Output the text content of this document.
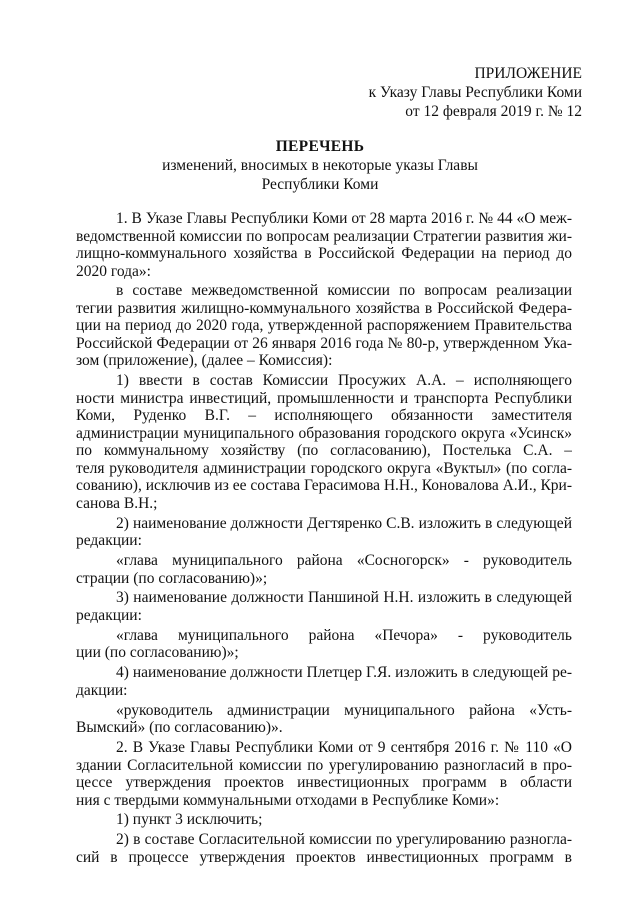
ПРИЛОЖЕНИЕ
к Указу Главы Республики Коми
от 12 февраля 2019 г. № 12
ПЕРЕЧЕНЬ
изменений, вносимых в некоторые указы Главы
Республики Коми
1. В Указе Главы Республики Коми от 28 марта 2016 г. № 44 «О меж-
ведомственной комиссии по вопросам реализации Стратегии развития жи-
лищно-коммунального хозяйства в Российской Федерации на период до
2020 года»:
в составе межведомственной комиссии по вопросам реализации
тегии развития жилищно-коммунального хозяйства в Российской Федера-
ции на период до 2020 года, утвержденной распоряжением Правительства
Российской Федерации от 26 января 2016 года № 80-р, утвержденном Ука-
зом (приложение), (далее – Комиссия):
1) ввести в состав Комиссии Просужих А.А. – исполняющего
ности министра инвестиций, промышленности и транспорта Республики
Коми, Руденко В.Г. – исполняющего обязанности заместителя
администрации муниципального образования городского округа «Усинск»
по коммунальному хозяйству (по согласованию), Постелька С.А. –
теля руководителя администрации городского округа «Вуктыл» (по согла-
сованию), исключив из ее состава Герасимова Н.Н., Коновалова А.И., Кри-
санова В.Н.;
2) наименование должности Дегтяренко С.В. изложить в следующей
редакции:
«глава муниципального района «Сосногорск» - руководитель
страции (по согласованию)»;
3) наименование должности Паншиной Н.Н. изложить в следующей
редакции:
«глава муниципального района «Печора» - руководитель
ции (по согласованию)»;
4) наименование должности Плетцер Г.Я. изложить в следующей ре-
дакции:
«руководитель администрации муниципального района «Усть-
Вымский» (по согласованию)».
2. В Указе Главы Республики Коми от 9 сентября 2016 г. № 110 «О
здании Согласительной комиссии по урегулированию разногласий в про-
цессе утверждения проектов инвестиционных программ в области
ния с твердыми коммунальными отходами в Республике Коми»:
1) пункт 3 исключить;
2) в составе Согласительной комиссии по урегулированию разногла-
сий в процессе утверждения проектов инвестиционных программ в
